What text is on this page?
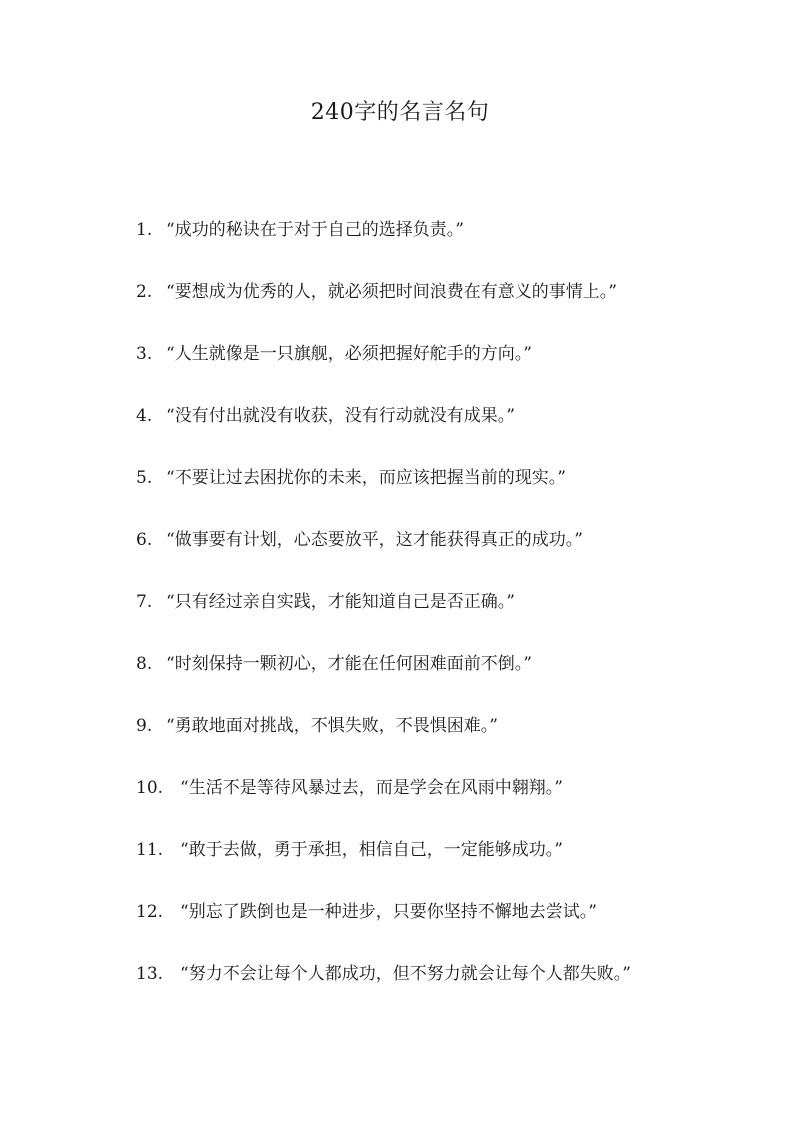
240字的名言名句
1. “成功的秘诀在于对于自己的选择负责。”
2. “要想成为优秀的人，就必须把时间浪费在有意义的事情上。”
3. “人生就像是一只旗舰，必须把握好舵手的方向。”
4. “没有付出就没有收获，没有行动就没有成果。”
5. “不要让过去困扰你的未来，而应该把握当前的现实。”
6. “做事要有计划，心态要放平，这才能获得真正的成功。”
7. “只有经过亲自实践，才能知道自己是否正确。”
8. “时刻保持一颗初心，才能在任何困难面前不倒。”
9. “勇敢地面对挑战，不惧失败，不畏惧困难。”
10. “生活不是等待风暴过去，而是学会在风雨中翱翔。”
11. “敢于去做，勇于承担，相信自己，一定能够成功。”
12. “别忘了跌倒也是一种进步，只要你坚持不懈地去尝试。”
13. “努力不会让每个人都成功，但不努力就会让每个人都失败。”
